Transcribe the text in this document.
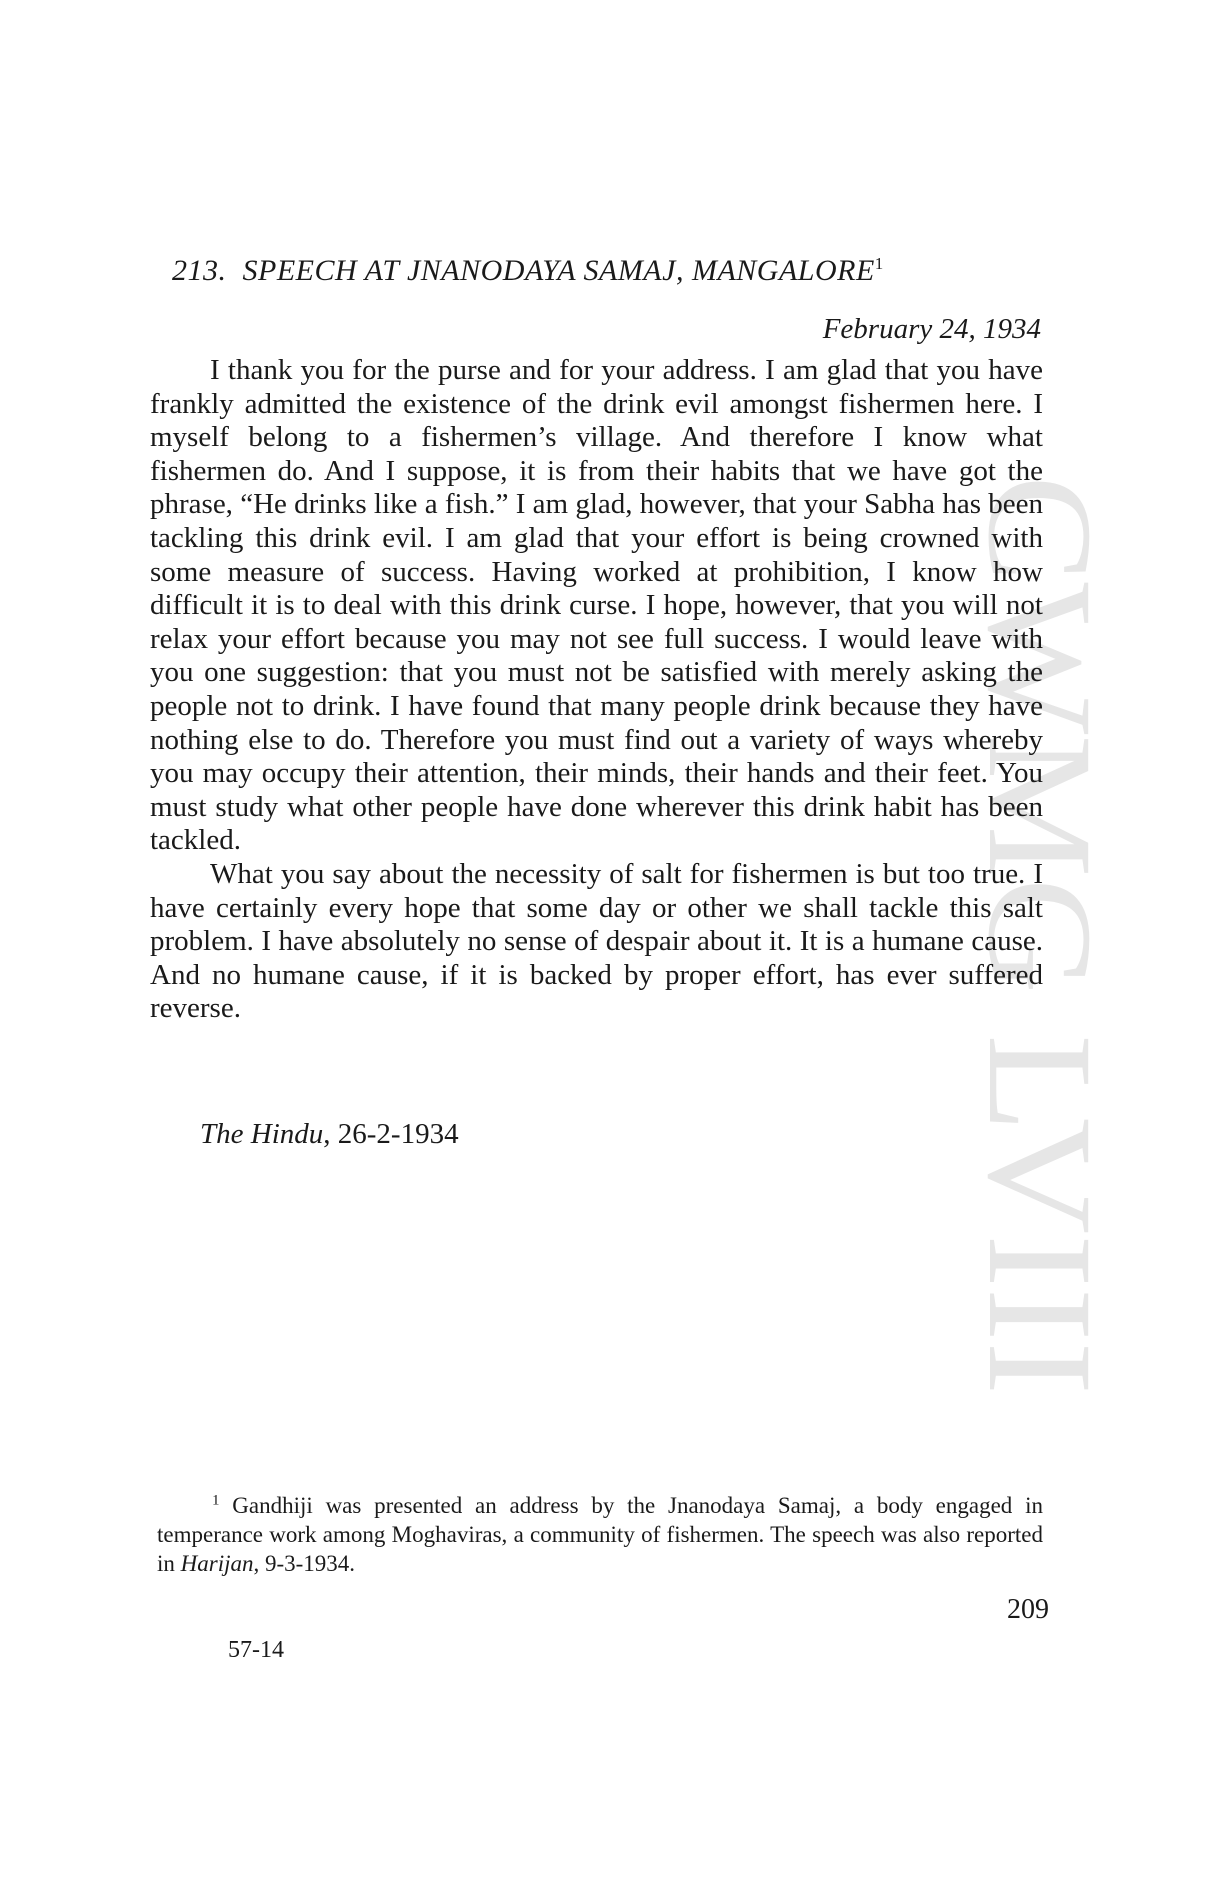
CWMG LVIII
213. SPEECH AT JNANODAYA SAMAJ, MANGALORE$^1$
February 24, 1934

I thank you for the purse and for your address. I am glad that you have frankly admitted the existence of the drink evil amongst fishermen here. I myself belong to a fishermen’s village. And therefore I know what fishermen do. And I suppose, it is from their habits that we have got the phrase, “He drinks like a fish.” I am glad, however, that your Sabha has been tackling this drink evil. I am glad that your effort is being crowned with some measure of success. Having worked at prohibition, I know how difficult it is to deal with this drink curse. I hope, however, that you will not relax your effort because you may not see full success. I would leave with you one suggestion: that you must not be satisfied with merely asking the people not to drink. I have found that many people drink because they have nothing else to do. Therefore you must find out a variety of ways whereby you may occupy their attention, their minds, their hands and their feet. You must study what other people have done wherever this drink habit has been tackled.

What you say about the necessity of salt for fishermen is but too true. I have certainly every hope that some day or other we shall tackle this salt problem. I have absolutely no sense of despair about it. It is a humane cause. And no humane cause, if it is backed by proper effort, has ever suffered reverse.

The Hindu, 26-2-1934

$^1$ Gandhiji was presented an address by the Jnanodaya Samaj, a body engaged in temperance work among Moghaviras, a community of fishermen. The speech was also reported in Harijan, 9-3-1934.

209
57-14
